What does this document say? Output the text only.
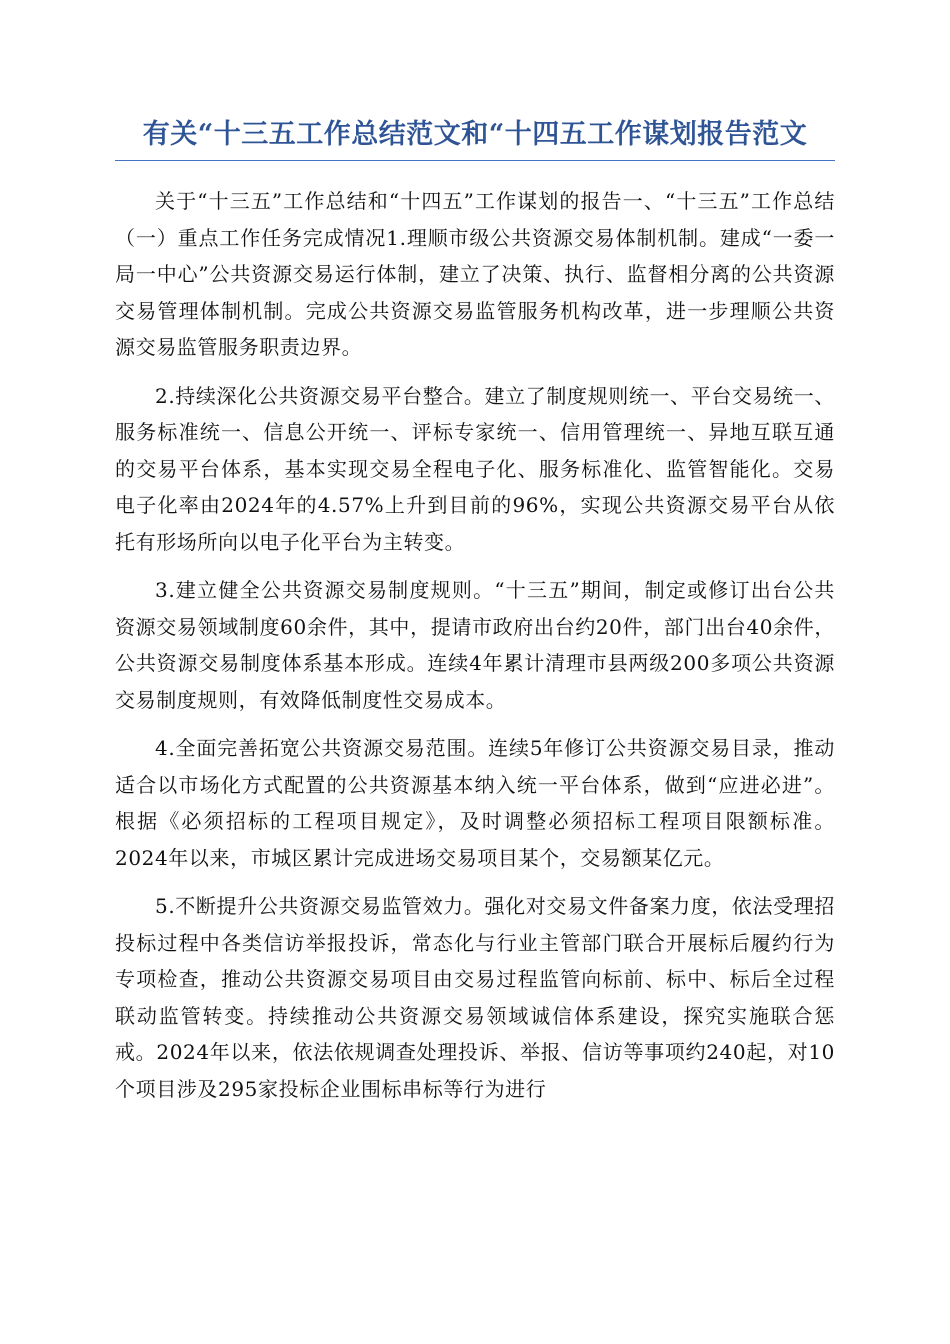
有关“十三五工作总结范文和“十四五工作谋划报告范文

关于“十三五”工作总结和“十四五”工作谋划的报告一、“十三五”工作总结（一）重点工作任务完成情况1.理顺市级公共资源交易体制机制。建成“一委一局一中心”公共资源交易运行体制，建立了决策、执行、监督相分离的公共资源交易管理体制机制。完成公共资源交易监管服务机构改革，进一步理顺公共资源交易监管服务职责边界。

2.持续深化公共资源交易平台整合。建立了制度规则统一、平台交易统一、服务标准统一、信息公开统一、评标专家统一、信用管理统一、异地互联互通的交易平台体系，基本实现交易全程电子化、服务标准化、监管智能化。交易电子化率由2024年的4.57%上升到目前的96%，实现公共资源交易平台从依托有形场所向以电子化平台为主转变。

3.建立健全公共资源交易制度规则。“十三五”期间，制定或修订出台公共资源交易领域制度60余件，其中，提请市政府出台约20件，部门出台40余件，公共资源交易制度体系基本形成。连续4年累计清理市县两级200多项公共资源交易制度规则，有效降低制度性交易成本。

4.全面完善拓宽公共资源交易范围。连续5年修订公共资源交易目录，推动适合以市场化方式配置的公共资源基本纳入统一平台体系，做到“应进必进”。根据《必须招标的工程项目规定》，及时调整必须招标工程项目限额标准。2024年以来，市城区累计完成进场交易项目某个，交易额某亿元。

5.不断提升公共资源交易监管效力。强化对交易文件备案力度，依法受理招投标过程中各类信访举报投诉，常态化与行业主管部门联合开展标后履约行为专项检查，推动公共资源交易项目由交易过程监管向标前、标中、标后全过程联动监管转变。持续推动公共资源交易领域诚信体系建设，探究实施联合惩戒。2024年以来，依法依规调查处理投诉、举报、信访等事项约240起，对10个项目涉及295家投标企业围标串标等行为进行
